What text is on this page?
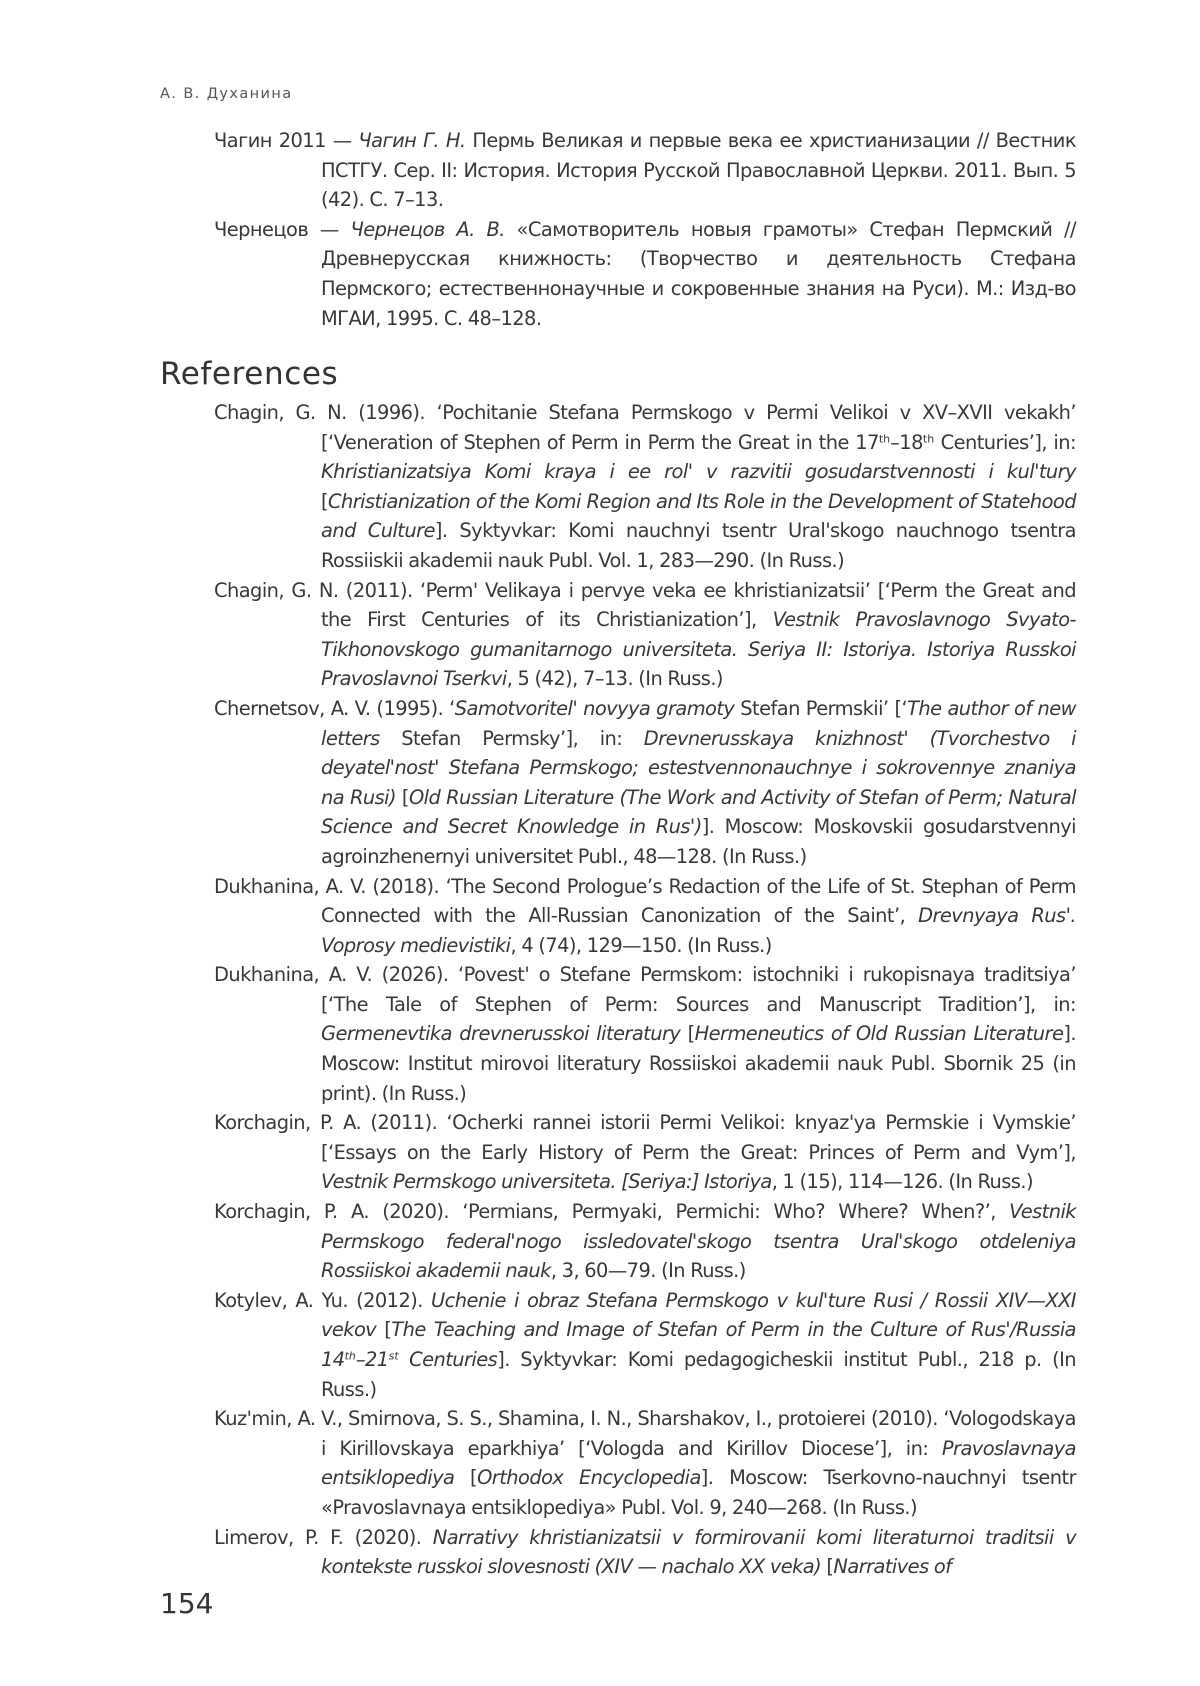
А. В. Духанина

Чагин 2011 — Чагин Г. Н. Пермь Великая и первые века ее христианизации // Вестник ПСТГУ. Сер. II: История. История Русской Православной Церкви. 2011. Вып. 5 (42). С. 7–13.

Чернецов — Чернецов А. В. «Самотворитель новыя грамоты» Стефан Пермский // Древнерусская книжность: (Творчество и деятельность Стефана Пермского; естественнонаучные и сокровенные знания на Руси). М.: Изд-во МГАИ, 1995. С. 48–128.

References

Chagin, G. N. (1996). ‘Pochitanie Stefana Permskogo v Permi Velikoi v XV–XVII vekakh’ [‘Veneration of Stephen of Perm in Perm the Great in the 17th–18th Centuries’], in: Khristianizatsiya Komi kraya i ee rol' v razvitii gosudarstvennosti i kul'tury [Christianization of the Komi Region and Its Role in the Development of Statehood and Culture]. Syktyvkar: Komi nauchnyi tsentr Ural'skogo nauchnogo tsentra Rossiiskii akademii nauk Publ. Vol. 1, 283—290. (In Russ.)

Chagin, G. N. (2011). ‘Perm' Velikaya i pervye veka ee khristianizatsii’ [‘Perm the Great and the First Centuries of its Christianization’], Vestnik Pravoslavnogo Svyato-Tikhonovskogo gumanitarnogo universiteta. Seriya II: Istoriya. Istoriya Russkoi Pravoslavnoi Tserkvi, 5 (42), 7–13. (In Russ.)

Chernetsov, A. V. (1995). ‘Samotvoritel' novyya gramoty Stefan Permskii’ [‘The author of new letters Stefan Permsky’], in: Drevnerusskaya knizhnost' (Tvorchestvo i deyatel'nost' Stefana Permskogo; estestvennonauchnye i sokrovennye znaniya na Rusi) [Old Russian Literature (The Work and Activity of Stefan of Perm; Natural Science and Secret Knowledge in Rus')]. Moscow: Moskovskii gosudarstvennyi agroinzhenernyi universitet Publ., 48—128. (In Russ.)

Dukhanina, A. V. (2018). ‘The Second Prologue’s Redaction of the Life of St. Stephan of Perm Connected with the All-Russian Canonization of the Saint’, Drevnyaya Rus'. Voprosy medievistiki, 4 (74), 129—150. (In Russ.)

Dukhanina, A. V. (2026). ‘Povest' o Stefane Permskom: istochniki i rukopisnaya traditsiya’ [‘The Tale of Stephen of Perm: Sources and Manuscript Tradition’], in: Germenevtika drevnerusskoi literatury [Hermeneutics of Old Russian Literature]. Moscow: Institut mirovoi literatury Rossiiskoi akademii nauk Publ. Sbornik 25 (in print). (In Russ.)

Korchagin, P. A. (2011). ‘Ocherki rannei istorii Permi Velikoi: knyaz'ya Permskie i Vymskie’ [‘Essays on the Early History of Perm the Great: Princes of Perm and Vym’], Vestnik Permskogo universiteta. [Seriya:] Istoriya, 1 (15), 114—126. (In Russ.)

Korchagin, P. A. (2020). ‘Permians, Permyaki, Permichi: Who? Where? When?’, Vestnik Permskogo federal'nogo issledovatel'skogo tsentra Ural'skogo otdeleniya Rossiiskoi akademii nauk, 3, 60—79. (In Russ.)

Kotylev, A. Yu. (2012). Uchenie i obraz Stefana Permskogo v kul'ture Rusi / Rossii XIV—XXI vekov [The Teaching and Image of Stefan of Perm in the Culture of Rus'/Russia 14th–21st Centuries]. Syktyvkar: Komi pedagogicheskii institut Publ., 218 p. (In Russ.)

Kuz'min, A. V., Smirnova, S. S., Shamina, I. N., Sharshakov, I., protoierei (2010). ‘Vologodskaya i Kirillovskaya eparkhiya’ [‘Vologda and Kirillov Diocese’], in: Pravoslavnaya entsiklopediya [Orthodox Encyclopedia]. Moscow: Tserkovno-nauchnyi tsentr «Pravoslavnaya entsiklopediya» Publ. Vol. 9, 240—268. (In Russ.)

Limerov, P. F. (2020). Narrativy khristianizatsii v formirovanii komi literaturnoi traditsii v kontekste russkoi slovesnosti (XIV — nachalo XX veka) [Narratives of

154
